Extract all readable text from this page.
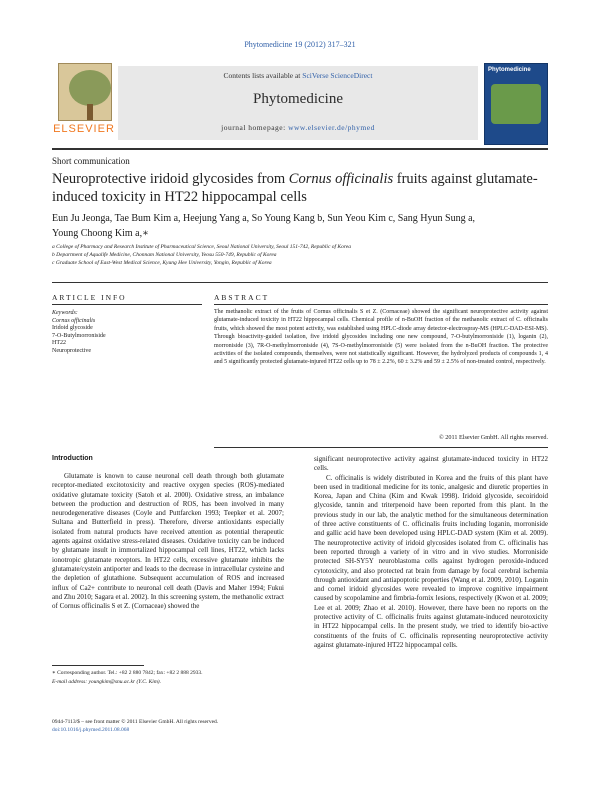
Phytomedicine 19 (2012) 317–321
ELSEVIER
Contents lists available at SciVerse ScienceDirect
Phytomedicine
journal homepage: www.elsevier.de/phymed
Phytomedicine
Short communication
Neuroprotective iridoid glycosides from Cornus officinalis fruits against glutamate-induced toxicity in HT22 hippocampal cells
Eun Ju Jeonga, Tae Bum Kim a, Heejung Yang a, So Young Kang b, Sun Yeou Kim c, Sang Hyun Sung a,
Young Choong Kim a,∗
a College of Pharmacy and Research Institute of Pharmaceutical Science, Seoul National University, Seoul 151-742, Republic of Korea
b Department of Aqualife Medicine, Chonnam National University, Yeosu 550-749, Republic of Korea
c Graduate School of East-West Medical Science, Kyung Hee University, Yongin, Republic of Korea
ARTICLE INFO
Keywords:
Cornus officinalis
Iridoid glycoside
7-O-Butylmorroniside
HT22
Neuroprotective
ABSTRACT
The methanolic extract of the fruits of Cornus officinalis S et Z. (Cornaceae) showed the significant neuroprotective activity against glutamate-induced toxicity in HT22 hippocampal cells. Chemical profile of n-BuOH fraction of the methanolic extract of C. officinalis fruits, which showed the most potent activity, was established using HPLC-diode array detector-electrospray-MS (HPLC-DAD-ESI-MS). Through bioactivity-guided isolation, five iridoid glycosides including one new compound, 7-O-butylmorroniside (1), loganin (2), morroniside (3), 7R-O-methylmorroniside (4), 7S-O-methylmorroniside (5) were isolated from the n-BuOH fraction. The protective activities of the isolated compounds, themselves, were not statistically significant. However, the hydrolyzed products of compounds 1, 4 and 5 significantly protected glutamate-injured HT22 cells up to 78 ± 2.2%, 60 ± 3.2% and 59 ± 2.5% of non-treated control, respectively.
© 2011 Elsevier GmbH. All rights reserved.
Introduction

Glutamate is known to cause neuronal cell death through both glutamate receptor-mediated excitotoxicity and reactive oxygen species (ROS)-mediated oxidative glutamate toxicity (Satoh et al. 2000). Oxidative stress, an imbalance between the production and destruction of ROS, has been involved in many neurodegenerative diseases (Coyle and Puttfarcken 1993; Teepker et al. 2007; Sultana and Butterfield in press). Therefore, diverse antioxidants especially isolated from natural products have received attention as potential therapeutic agents against oxidative stress-related diseases. Oxidative toxicity can be induced by glutamate insult in immortalized hippocampal cell lines, HT22, which lacks ionotropic glutamate receptors. In HT22 cells, excessive glutamate inhibits the glutamate/cystein antiporter and leads to the decrease in intracellular cysteine and the depletion of glutathione. Subsequent accumulation of ROS and increased influx of Ca2+ contribute to neuronal cell death (Davis and Maher 1994; Fukui and Zhu 2010; Sagara et al. 2002). In this screening system, the methanolic extract of Cornus officinalis S et Z. (Cornaceae) showed the

significant neuroprotective activity against glutamate-induced toxicity in HT22 cells.

C. officinalis is widely distributed in Korea and the fruits of this plant have been used in traditional medicine for its tonic, analgesic and diuretic properties in Korea, Japan and China (Kim and Kwak 1998). Iridoid glycoside, secoiridoid glycoside, tannin and triterpenoid have been reported from this plant. In the previous study in our lab, the analytic method for the simultaneous determination of three active constituents of C. officinalis fruits including loganin, morroniside and gallic acid have been developed using HPLC-DAD system (Kim et al. 2009). The neuroprotective activity of iridoid glycosides isolated from C. officinalis has been reported through a variety of in vitro and in vivo studies. Morroniside protected SH-SY5Y neuroblastoma cells against hydrogen peroxide-induced cytotoxicity, and also protected rat brain from damage by focal cerebral ischemia through antioxidant and antiapoptotic properties (Wang et al. 2009, 2010). Loganin and cornel iridoid glycosides were revealed to improve cognitive impairment caused by scopolamine and fimbria-fornix lesions, respectively (Kwon et al. 2009; Lee et al. 2009; Zhao et al. 2010). However, there have been no reports on the protective activity of C. officinalis fruits against glutamate-induced neurotoxicity in HT22 hippocampal cells. In the present study, we tried to identify bio-active constituents of the fruits of C. officinalis representing neuroprotective activity against glutamate-injured HT22 hippocampal cells.

∗ Corresponding author. Tel.: +82 2 880 7842; fax: +82 2 888 2933.
E-mail address: youngkim@snu.ac.kr (Y.C. Kim).
0944-7113/$ – see front matter © 2011 Elsevier GmbH. All rights reserved.
doi:10.1016/j.phymed.2011.08.068
